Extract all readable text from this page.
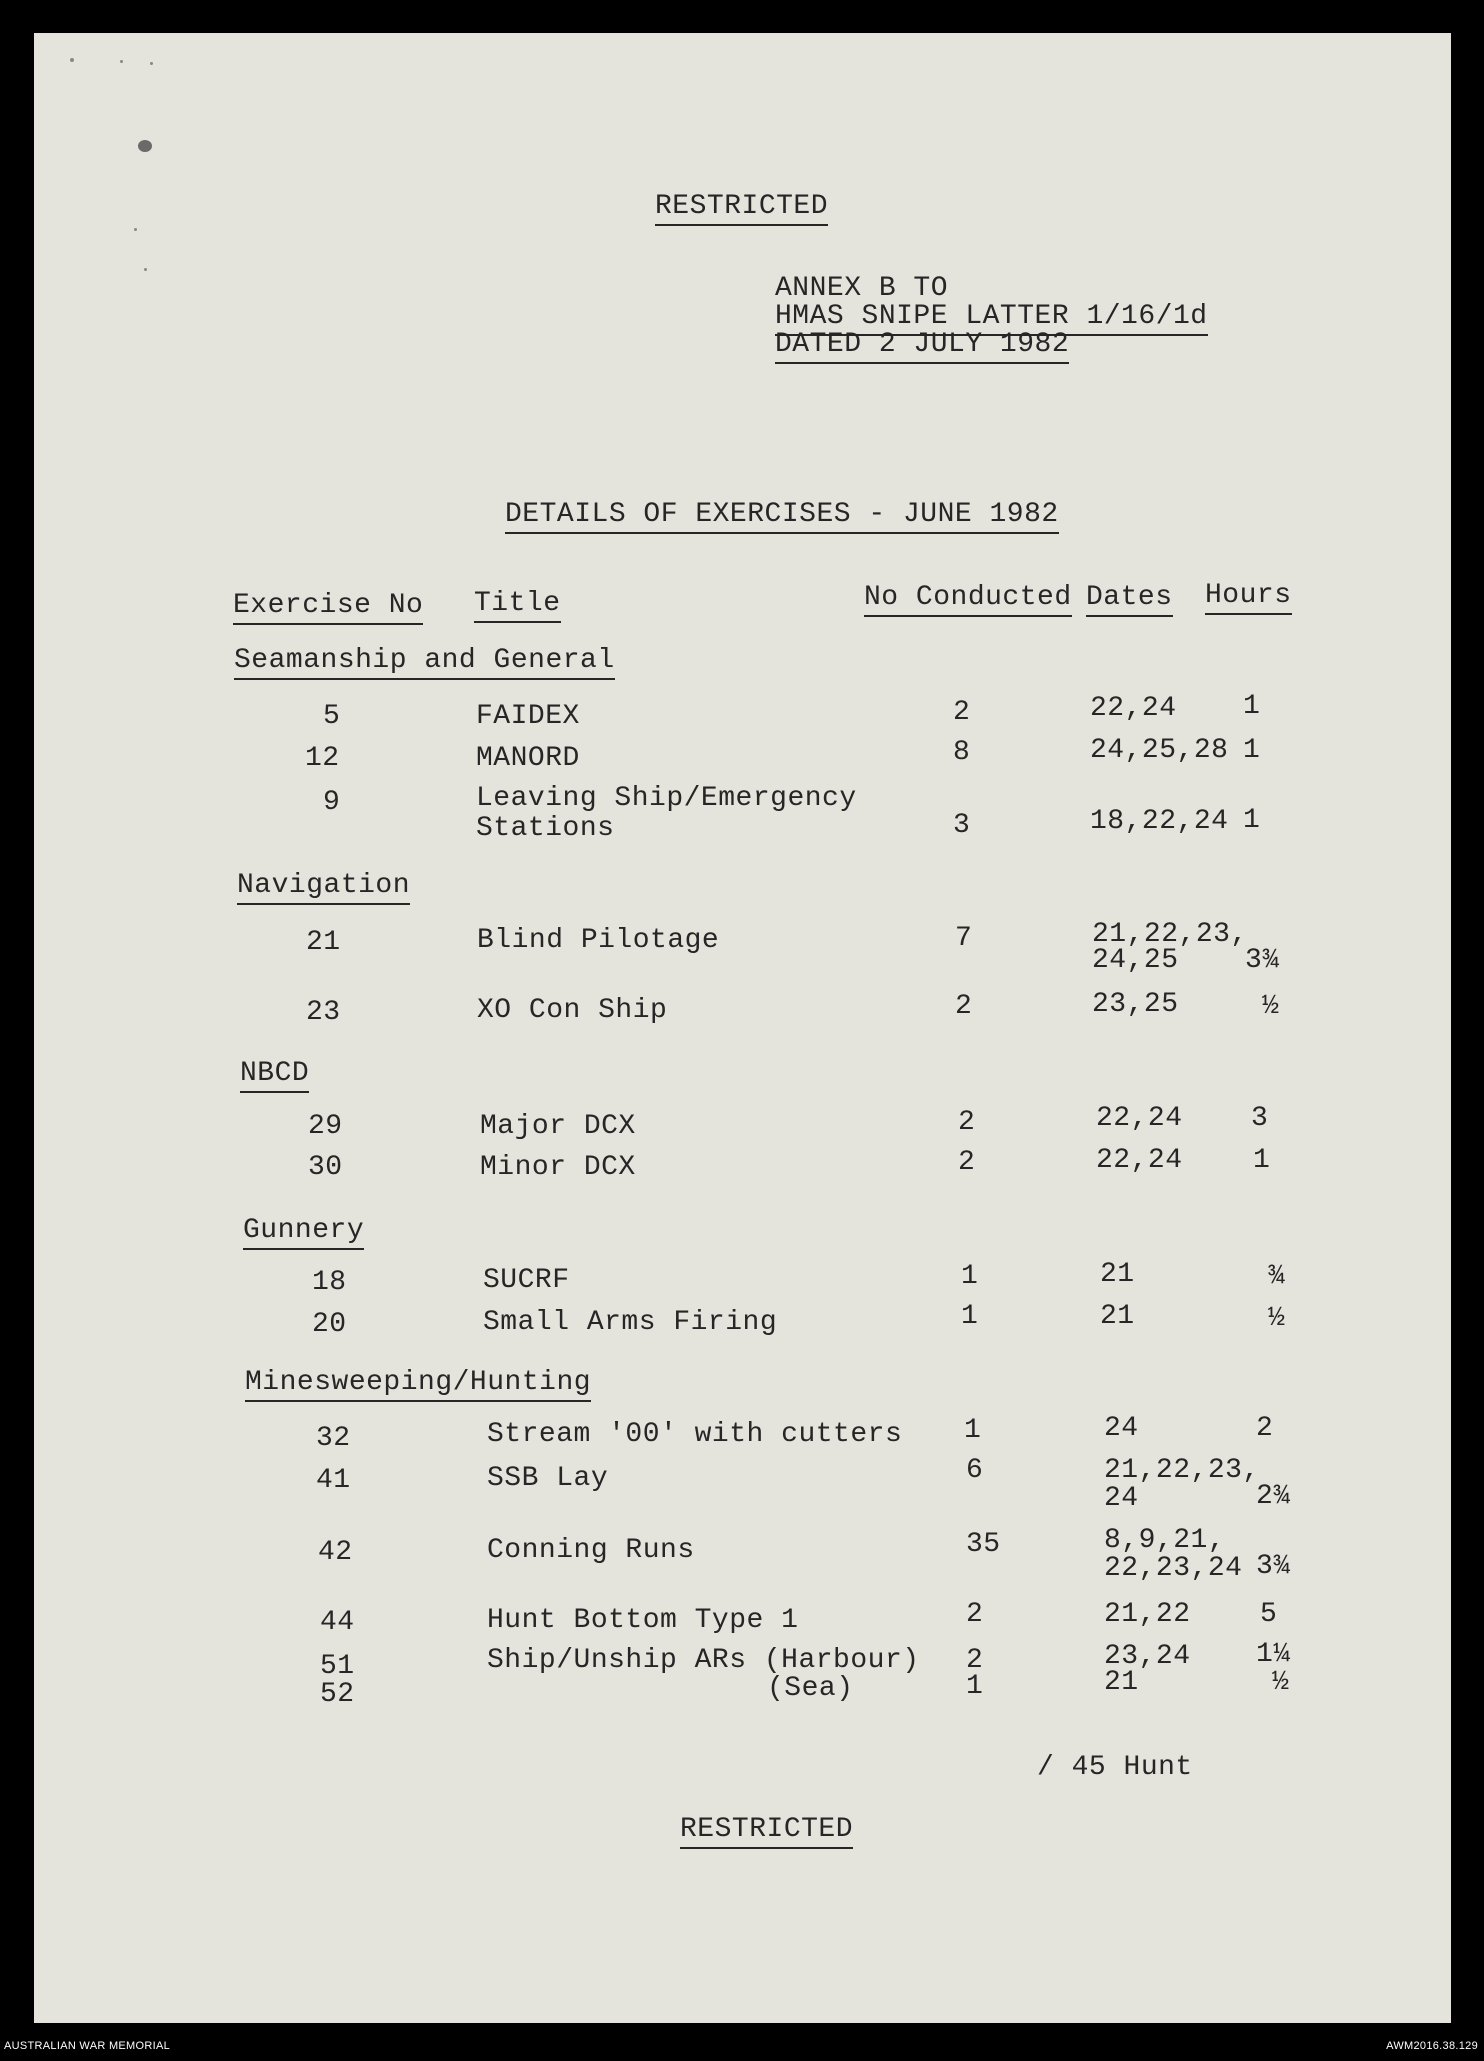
RESTRICTED
ANNEX B TO
HMAS SNIPE LATTER 1/16/1d
DATED 2 JULY 1982
DETAILS OF EXERCISES - JUNE 1982
Exercise No Title	No Conducted Dates Hours
Seamanship and General
5	FAIDEX	2	22,24 1
12	MANORD	8	24,25,28 1
9	Leaving Ship/Emergency
Stations	3	18,22,24 1
Navigation
21	Blind Pilotage	7	21,22,23,
24,25 3¾
23	XO Con Ship	2	23,25	½
NBCD
29	Major DCX	2	22,24 3
30	Minor DCX	2	22,24	1
Gunnery
18	SUCRF	1	21	¾
20	Small Arms Firing	1	21	½
Minesweeping/Hunting
32	Stream '00' with cutters 1	24	2
41	SSB Lay	6	21,22,23,
24	2¾
42	Conning Runs	35	8,9,21,
22,23,24 3¾
44	Hunt Bottom Type 1	2	21,22 5
51	Ship/Unship ARs (Harbour) 2	23,24 1¼
52	(Sea)	1	21	½
/ 45 Hunt
RESTRICTED
AUSTRALIAN WAR MEMORIAL	AWM2016.38.129
